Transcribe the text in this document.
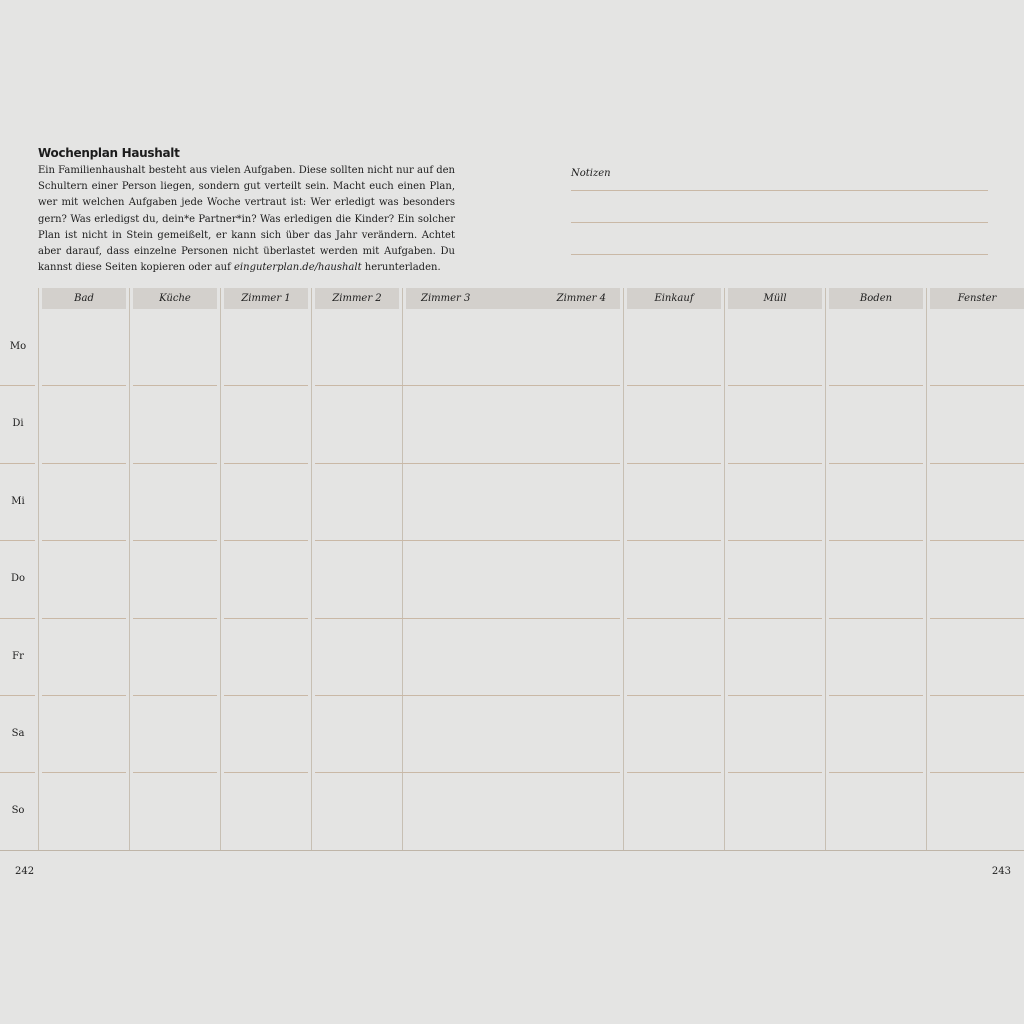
Wochenplan Haushalt

Ein Familienhaushalt besteht aus vielen Aufgaben. Diese sollten nicht nur auf den Schultern einer Person liegen, sondern gut verteilt sein. Macht euch einen Plan, wer mit welchen Aufgaben jede Woche vertraut ist: Wer erledigt was besonders gern? Was erledigst du, dein*e Partner*in? Was erledigen die Kinder? Ein solcher Plan ist nicht in Stein gemeißelt, er kann sich über das Jahr verändern. Achtet aber darauf, dass einzelne Personen nicht überlastet werden mit Aufgaben. Du kannst diese Seiten kopieren oder auf einguterplan.de/haushalt herunterladen.

Notizen
Bad	Küche	Zimmer 1	Zimmer 2	Zimmer 3	Zimmer 4	Einkauf	Müll	Boden	Fenster
Mo
Di
Mi
Do
Fr
Sa
So
242	243
